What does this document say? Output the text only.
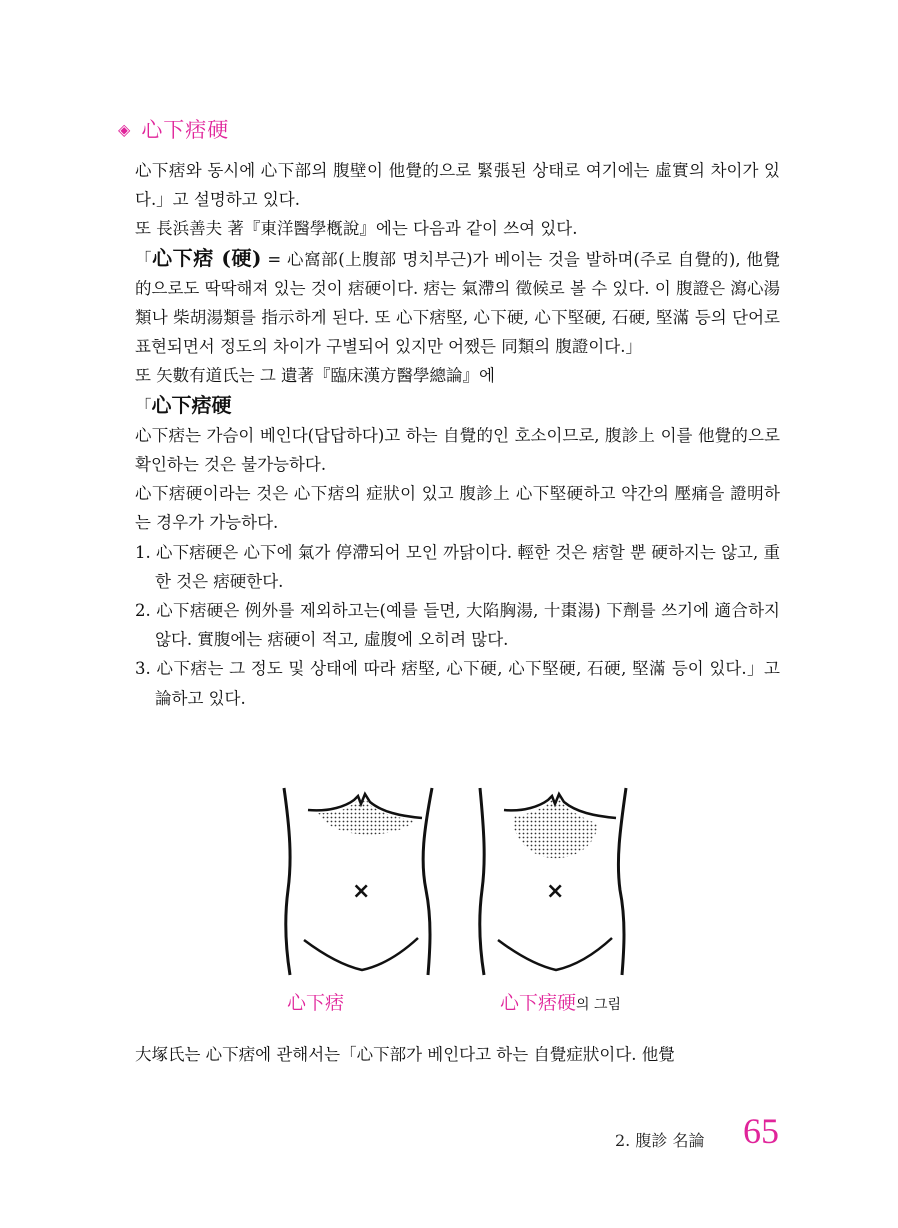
◈ 心下痞硬

心下痞와 동시에 心下部의 腹壁이 他覺的으로 緊張된 상태로 여기에는 虛實의 차이가 있다.」고 설명하고 있다.

또 長浜善夫 著『東洋醫學槪說』에는 다음과 같이 쓰여 있다.

「心下痞 (硬) = 心窩部(上腹部 명치부근)가 베이는 것을 발하며(주로 自覺的), 他覺的으로도 딱딱해져 있는 것이 痞硬이다. 痞는 氣滯의 徵候로 볼 수 있다. 이 腹證은 瀉心湯類나 柴胡湯類를 指示하게 된다. 또 心下痞堅, 心下硬, 心下堅硬, 石硬, 堅滿 등의 단어로 표현되면서 정도의 차이가 구별되어 있지만 어쨌든 同類의 腹證이다.」

또 矢數有道氏는 그 遺著『臨床漢方醫學總論』에

「心下痞硬

心下痞는 가슴이 베인다(답답하다)고 하는 自覺的인 호소이므로, 腹診上 이를 他覺的으로 확인하는 것은 불가능하다.

心下痞硬이라는 것은 心下痞의 症狀이 있고 腹診上 心下堅硬하고 약간의 壓痛을 證明하는 경우가 가능하다.

1. 心下痞硬은 心下에 氣가 停滯되어 모인 까닭이다. 輕한 것은 痞할 뿐 硬하지는 않고, 重한 것은 痞硬한다.

2. 心下痞硬은 例外를 제외하고는(예를 들면, 大陷胸湯, 十棗湯) 下劑를 쓰기에 適合하지 않다. 實腹에는 痞硬이 적고, 虛腹에 오히려 많다.

3. 心下痞는 그 정도 및 상태에 따라 痞堅, 心下硬, 心下堅硬, 石硬, 堅滿 등이 있다.」고 論하고 있다.

×	×
心下痞	心下痞硬의 그림
大塚氏는 心下痞에 관해서는「心下部가 베인다고 하는 自覺症狀이다. 他覺
2. 腹診 名論 65
